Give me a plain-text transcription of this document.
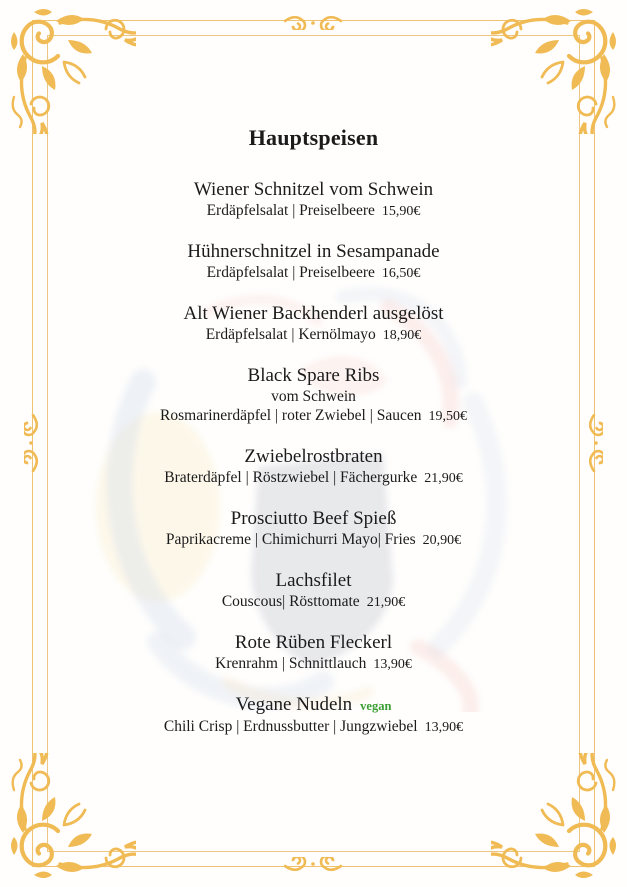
Hauptspeisen
Wiener Schnitzel vom Schwein
Erdäpfelsalat | Preiselbeere 15,90€
Hühnerschnitzel in Sesampanade
Erdäpfelsalat | Preiselbeere 16,50€
Alt Wiener Backhenderl ausgelöst
Erdäpfelsalat | Kernölmayo 18,90€
Black Spare Ribs
vom Schwein
Rosmarinerdäpfel | roter Zwiebel | Saucen 19,50€
Zwiebelrostbraten
Braterdäpfel | Röstzwiebel | Fächergurke 21,90€
Prosciutto Beef Spieß
Paprikacreme | Chimichurri Mayo| Fries 20,90€
Lachsfilet
Couscous| Rösttomate 21,90€
Rote Rüben Fleckerl
Krenrahm | Schnittlauch 13,90€
Vegane Nudeln vegan
Chili Crisp | Erdnussbutter | Jungzwiebel 13,90€
